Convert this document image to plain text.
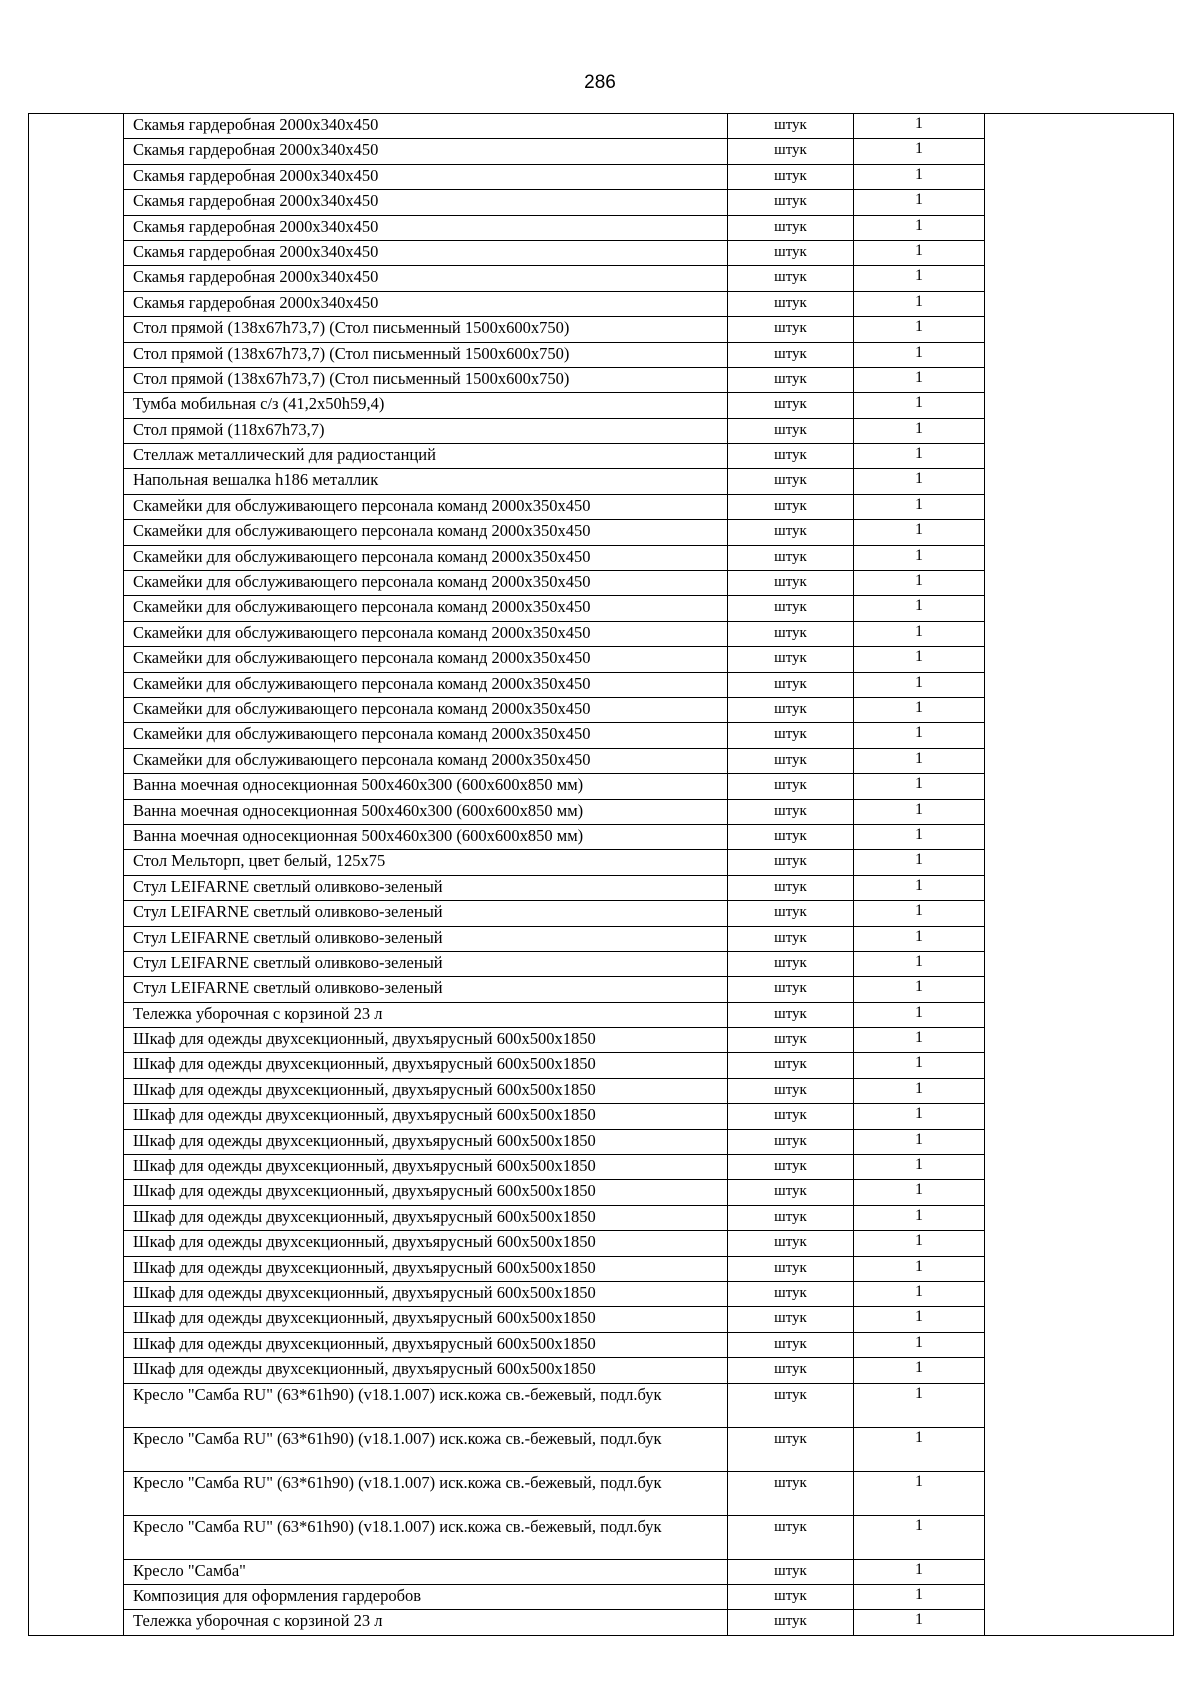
286
	Скамья гардеробная 2000х340х450	штук	1	
	Скамья гардеробная 2000х340х450	штук	1	
	Скамья гардеробная 2000х340х450	штук	1	
	Скамья гардеробная 2000х340х450	штук	1	
	Скамья гардеробная 2000х340х450	штук	1	
	Скамья гардеробная 2000х340х450	штук	1	
	Скамья гардеробная 2000х340х450	штук	1	
	Скамья гардеробная 2000х340х450	штук	1	
	Стол прямой (138x67h73,7) (Стол письменный 1500х600х750)	штук	1	
	Стол прямой (138x67h73,7) (Стол письменный 1500х600х750)	штук	1	
	Стол прямой (138x67h73,7) (Стол письменный 1500х600х750)	штук	1	
	Тумба мобильная с/з (41,2x50h59,4)	штук	1	
	Стол прямой (118x67h73,7)	штук	1	
	Стеллаж металлический для радиостанций	штук	1	
	Напольная вешалка h186 металлик	штук	1	
	Скамейки для обслуживающего персонала команд 2000х350х450	штук	1	
	Скамейки для обслуживающего персонала команд 2000х350х450	штук	1	
	Скамейки для обслуживающего персонала команд 2000х350х450	штук	1	
	Скамейки для обслуживающего персонала команд 2000х350х450	штук	1	
	Скамейки для обслуживающего персонала команд 2000х350х450	штук	1	
	Скамейки для обслуживающего персонала команд 2000х350х450	штук	1	
	Скамейки для обслуживающего персонала команд 2000х350х450	штук	1	
	Скамейки для обслуживающего персонала команд 2000х350х450	штук	1	
	Скамейки для обслуживающего персонала команд 2000х350х450	штук	1	
	Скамейки для обслуживающего персонала команд 2000х350х450	штук	1	
	Скамейки для обслуживающего персонала команд 2000х350х450	штук	1	
	Ванна моечная односекционная 500х460х300 (600х600х850 мм)	штук	1	
	Ванна моечная односекционная 500х460х300 (600х600х850 мм)	штук	1	
	Ванна моечная односекционная 500х460х300 (600х600х850 мм)	штук	1	
	Стол Мельторп, цвет белый, 125x75	штук	1	
	Стул LEIFARNE светлый оливково-зеленый	штук	1	
	Стул LEIFARNE светлый оливково-зеленый	штук	1	
	Стул LEIFARNE светлый оливково-зеленый	штук	1	
	Стул LEIFARNE светлый оливково-зеленый	штук	1	
	Стул LEIFARNE светлый оливково-зеленый	штук	1	
	Тележка уборочная с корзиной 23 л	штук	1	
	Шкаф для одежды двухсекционный, двухъярусный 600х500х1850	штук	1	
	Шкаф для одежды двухсекционный, двухъярусный 600х500х1850	штук	1	
	Шкаф для одежды двухсекционный, двухъярусный 600х500х1850	штук	1	
	Шкаф для одежды двухсекционный, двухъярусный 600х500х1850	штук	1	
	Шкаф для одежды двухсекционный, двухъярусный 600х500х1850	штук	1	
	Шкаф для одежды двухсекционный, двухъярусный 600х500х1850	штук	1	
	Шкаф для одежды двухсекционный, двухъярусный 600х500х1850	штук	1	
	Шкаф для одежды двухсекционный, двухъярусный 600х500х1850	штук	1	
	Шкаф для одежды двухсекционный, двухъярусный 600х500х1850	штук	1	
	Шкаф для одежды двухсекционный, двухъярусный 600х500х1850	штук	1	
	Шкаф для одежды двухсекционный, двухъярусный 600х500х1850	штук	1	
	Шкаф для одежды двухсекционный, двухъярусный 600х500х1850	штук	1	
	Шкаф для одежды двухсекционный, двухъярусный 600х500х1850	штук	1	
	Шкаф для одежды двухсекционный, двухъярусный 600х500х1850	штук	1	
	Кресло "Самба RU" (63*61h90) (v18.1.007) иск.кожа св.-бежевый, подл.бук	штук	1	
	Кресло "Самба RU" (63*61h90) (v18.1.007) иск.кожа св.-бежевый, подл.бук	штук	1	
	Кресло "Самба RU" (63*61h90) (v18.1.007) иск.кожа св.-бежевый, подл.бук	штук	1	
	Кресло "Самба RU" (63*61h90) (v18.1.007) иск.кожа св.-бежевый, подл.бук	штук	1	
	Кресло "Самба"	штук	1	
	Композиция для оформления гардеробов	штук	1	
	Тележка уборочная с корзиной 23 л	штук	1	
